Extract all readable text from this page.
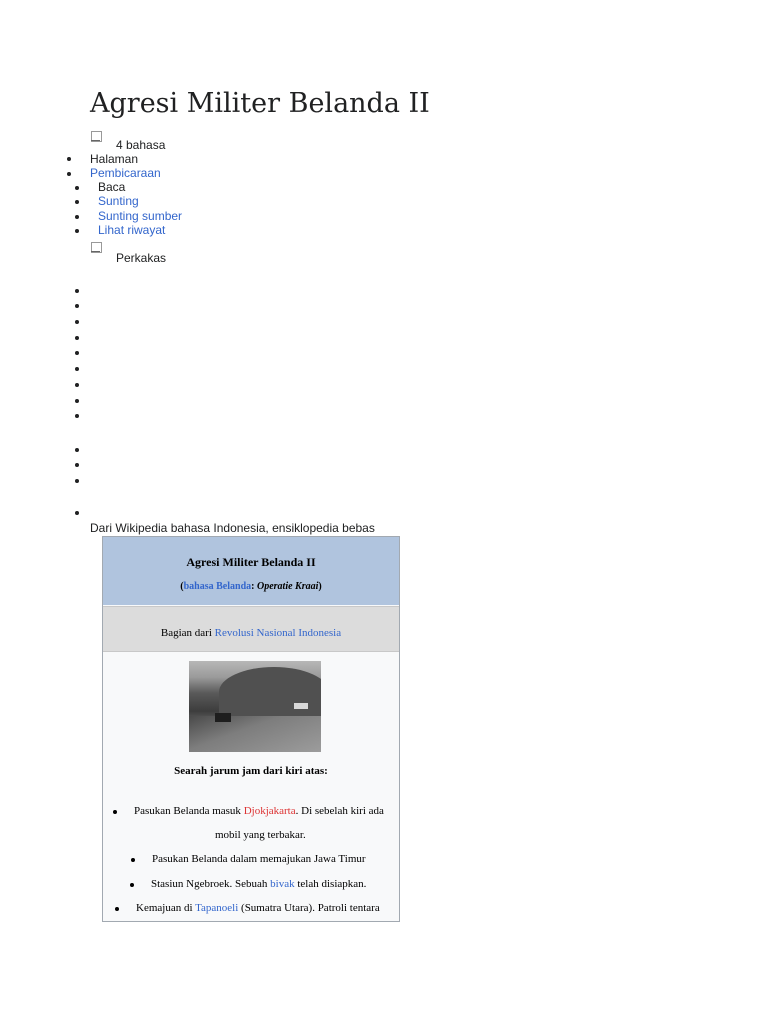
Agresi Militer Belanda II
4 bahasa
Halaman
Pembicaraan
Baca
Sunting
Sunting sumber
Lihat riwayat
Perkakas
Dari Wikipedia bahasa Indonesia, ensiklopedia bebas
Agresi Militer Belanda II
(bahasa Belanda: Operatie Kraai)
Bagian dari Revolusi Nasional Indonesia
Searah jarum jam dari kiri atas:
Pasukan Belanda masuk Djokjakarta. Di sebelah kiri ada
mobil yang terbakar.
Pasukan Belanda dalam memajukan Jawa Timur
Stasiun Ngebroek. Sebuah bivak telah disiapkan.
Kemajuan di Tapanoeli (Sumatra Utara). Patroli tentara
